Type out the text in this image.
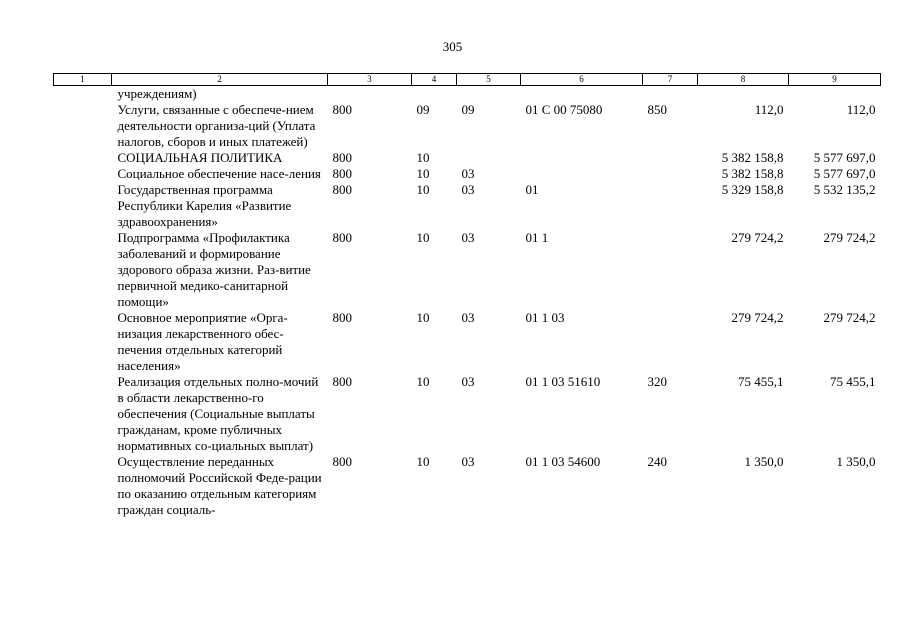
305
1	2	3	4	5	6	7	8	9
	учреждениям)							
	Услуги, связанные с обеспече-нием деятельности организа-ций (Уплата налогов, сборов и иных платежей)	800	09	09	01 С 00 75080	850	112,0	112,0
	СОЦИАЛЬНАЯ ПОЛИТИКА	800	10				5 382 158,8	5 577 697,0
	Социальное обеспечение насе-ления	800	10	03			5 382 158,8	5 577 697,0
	Государственная программа Республики Карелия «Развитие здравоохранения»	800	10	03	01		5 329 158,8	5 532 135,2
	Подпрограмма «Профилактика заболеваний и формирование здорового образа жизни. Раз-витие первичной медико-санитарной помощи»	800	10	03	01 1		279 724,2	279 724,2
	Основное мероприятие «Орга-низация лекарственного обес-печения отдельных категорий населения»	800	10	03	01 1 03		279 724,2	279 724,2
	Реализация отдельных полно-мочий в области лекарственно-го обеспечения (Социальные выплаты гражданам, кроме публичных нормативных со-циальных выплат)	800	10	03	01 1 03 51610	320	75 455,1	75 455,1
	Осуществление переданных полномочий Российской Феде-рации по оказанию отдельным категориям граждан социаль-	800	10	03	01 1 03 54600	240	1 350,0	1 350,0
